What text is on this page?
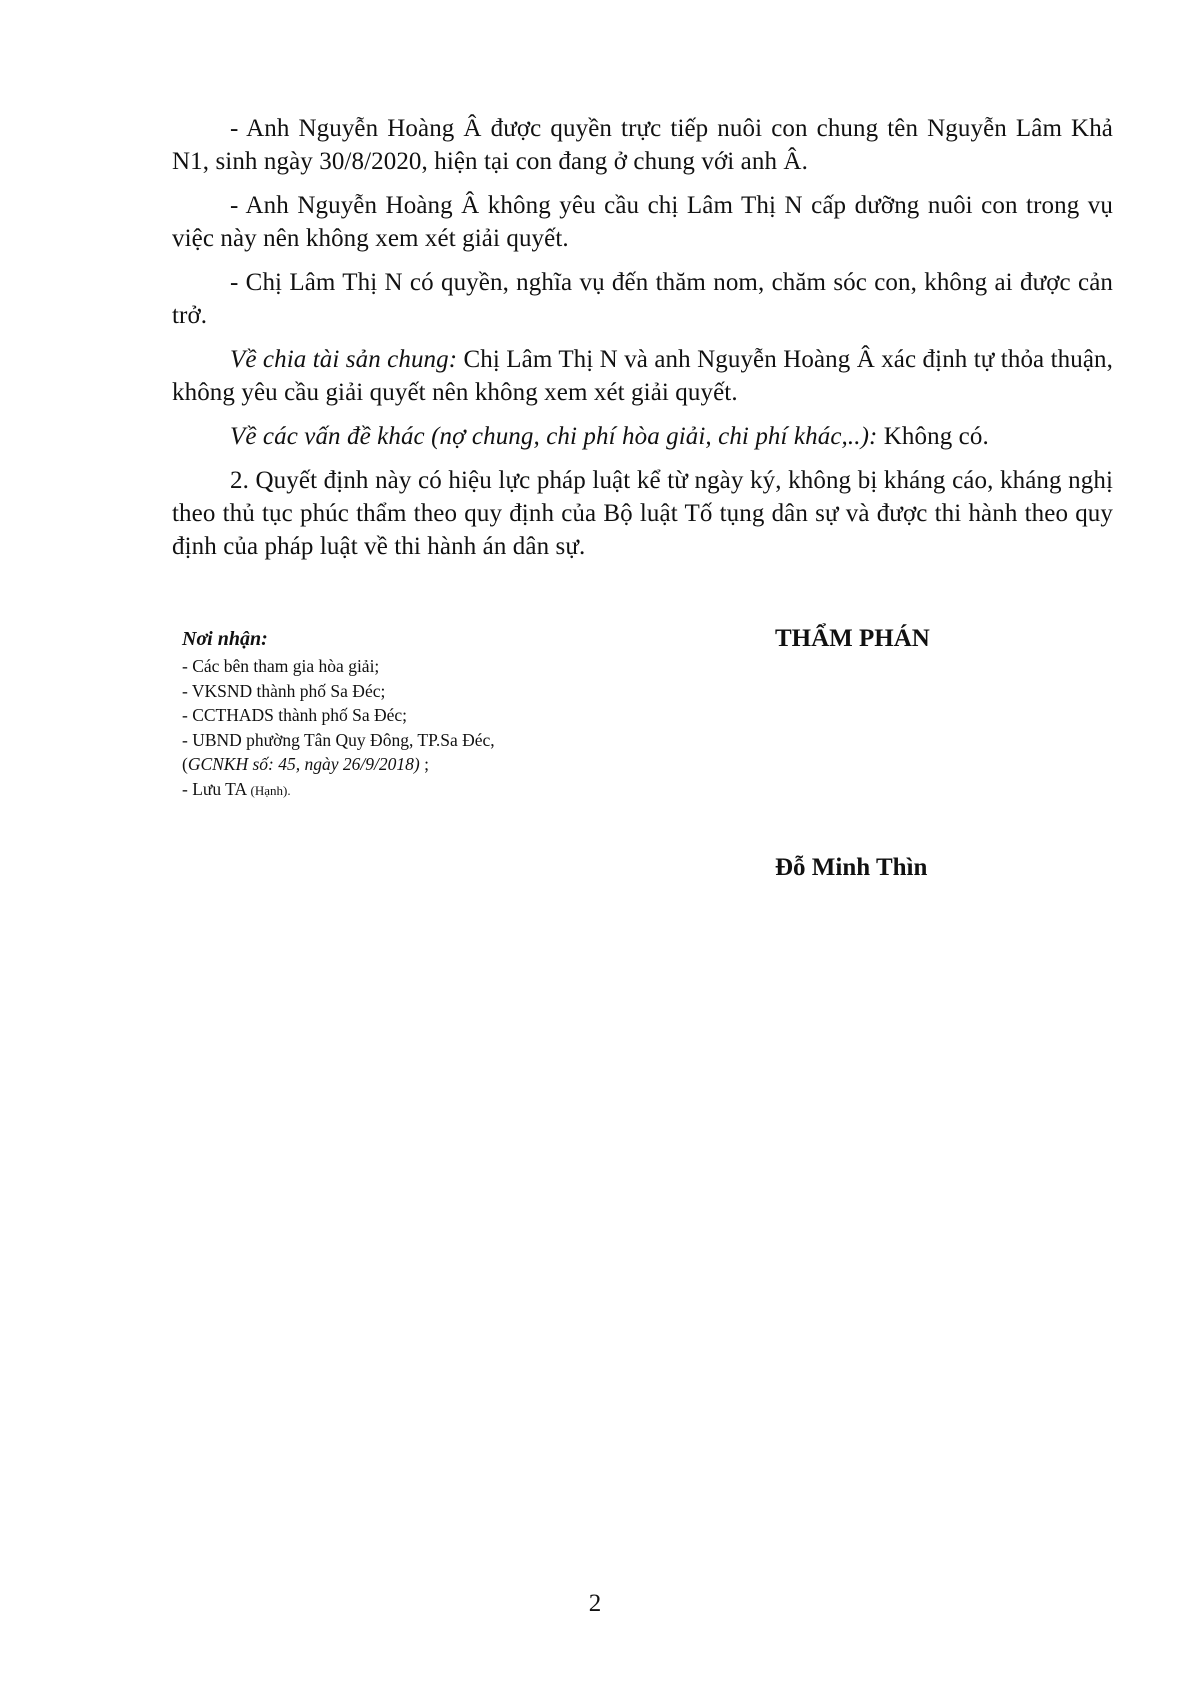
- Anh Nguyễn Hoàng Â được quyền trực tiếp nuôi con chung tên Nguyễn Lâm Khả N1, sinh ngày 30/8/2020, hiện tại con đang ở chung với anh Â.

- Anh Nguyễn Hoàng Â không yêu cầu chị Lâm Thị N cấp dưỡng nuôi con trong vụ việc này nên không xem xét giải quyết.

- Chị Lâm Thị N có quyền, nghĩa vụ đến thăm nom, chăm sóc con, không ai được cản trở.

Về chia tài sản chung: Chị Lâm Thị N và anh Nguyễn Hoàng Â xác định tự thỏa thuận, không yêu cầu giải quyết nên không xem xét giải quyết.

Về các vấn đề khác (nợ chung, chi phí hòa giải, chi phí khác,..): Không có.

2. Quyết định này có hiệu lực pháp luật kể từ ngày ký, không bị kháng cáo, kháng nghị theo thủ tục phúc thẩm theo quy định của Bộ luật Tố tụng dân sự và được thi hành theo quy định của pháp luật về thi hành án dân sự.

Nơi nhận:
- Các bên tham gia hòa giải;
- VKSND thành phố Sa Đéc;
- CCTHADS thành phố Sa Đéc;
- UBND phường Tân Quy Đông, TP.Sa Đéc,
(GCNKH số: 45, ngày 26/9/2018) ;
- Lưu TA (Hạnh).
THẨM PHÁN
Đỗ Minh Thìn
2
